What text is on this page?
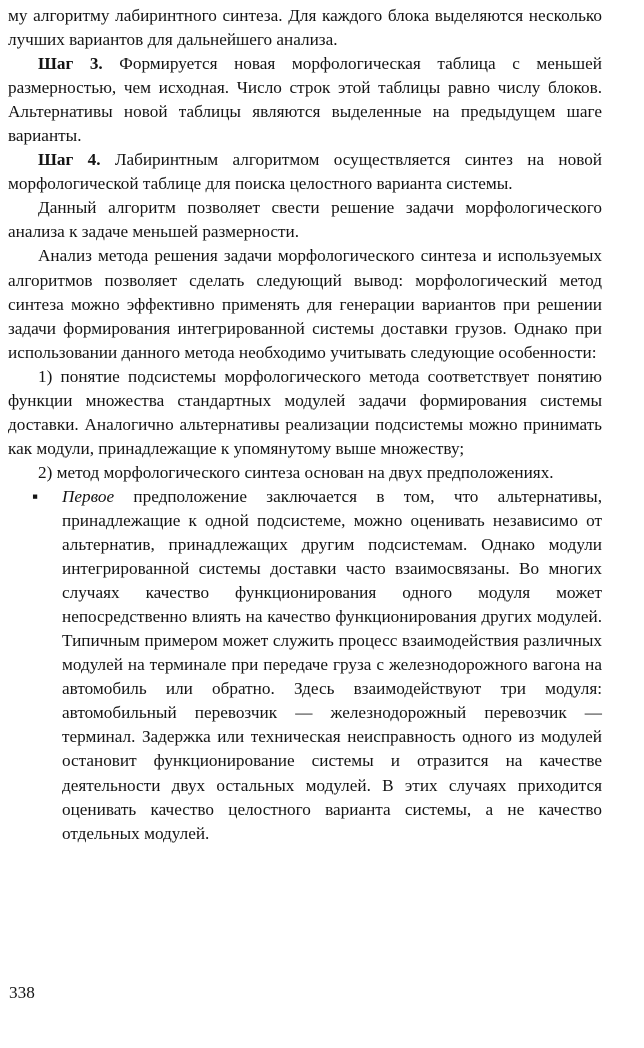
му алгоритму лабиринтного синтеза. Для каждого блока выделяются несколько лучших вариантов для дальнейшего анализа.

Шаг 3. Формируется новая морфологическая таблица с меньшей размерностью, чем исходная. Число строк этой таблицы равно числу блоков. Альтернативы новой таблицы являются выделенные на предыдущем шаге варианты.

Шаг 4. Лабиринтным алгоритмом осуществляется синтез на новой морфологической таблице для поиска целостного варианта системы.

Данный алгоритм позволяет свести решение задачи морфологического анализа к задаче меньшей размерности.

Анализ метода решения задачи морфологического синтеза и используемых алгоритмов позволяет сделать следующий вывод: морфологический метод синтеза можно эффективно применять для генерации вариантов при решении задачи формирования интегрированной системы доставки грузов. Однако при использовании данного метода необходимо учитывать следующие особенности:

1) понятие подсистемы морфологического метода соответствует понятию функции множества стандартных модулей задачи формирования системы доставки. Аналогично альтернативы реализации подсистемы можно принимать как модули, принадлежащие к упомянутому выше множеству;

2) метод морфологического синтеза основан на двух предположениях.

▪ Первое предположение заключается в том, что альтернативы, принадлежащие к одной подсистеме, можно оценивать независимо от альтернатив, принадлежащих другим подсистемам. Однако модули интегрированной системы доставки часто взаимосвязаны. Во многих случаях качество функционирования одного модуля может непосредственно влиять на качество функционирования других модулей. Типичным примером может служить процесс взаимодействия различных модулей на терминале при передаче груза с железнодорожного вагона на автомобиль или обратно. Здесь взаимодействуют три модуля: автомобильный перевозчик — железнодорожный перевозчик — терминал. Задержка или техническая неисправность одного из модулей остановит функционирование системы и отразится на качестве деятельности двух остальных модулей. В этих случаях приходится оценивать качество целостного варианта системы, а не качество отдельных модулей.

338
